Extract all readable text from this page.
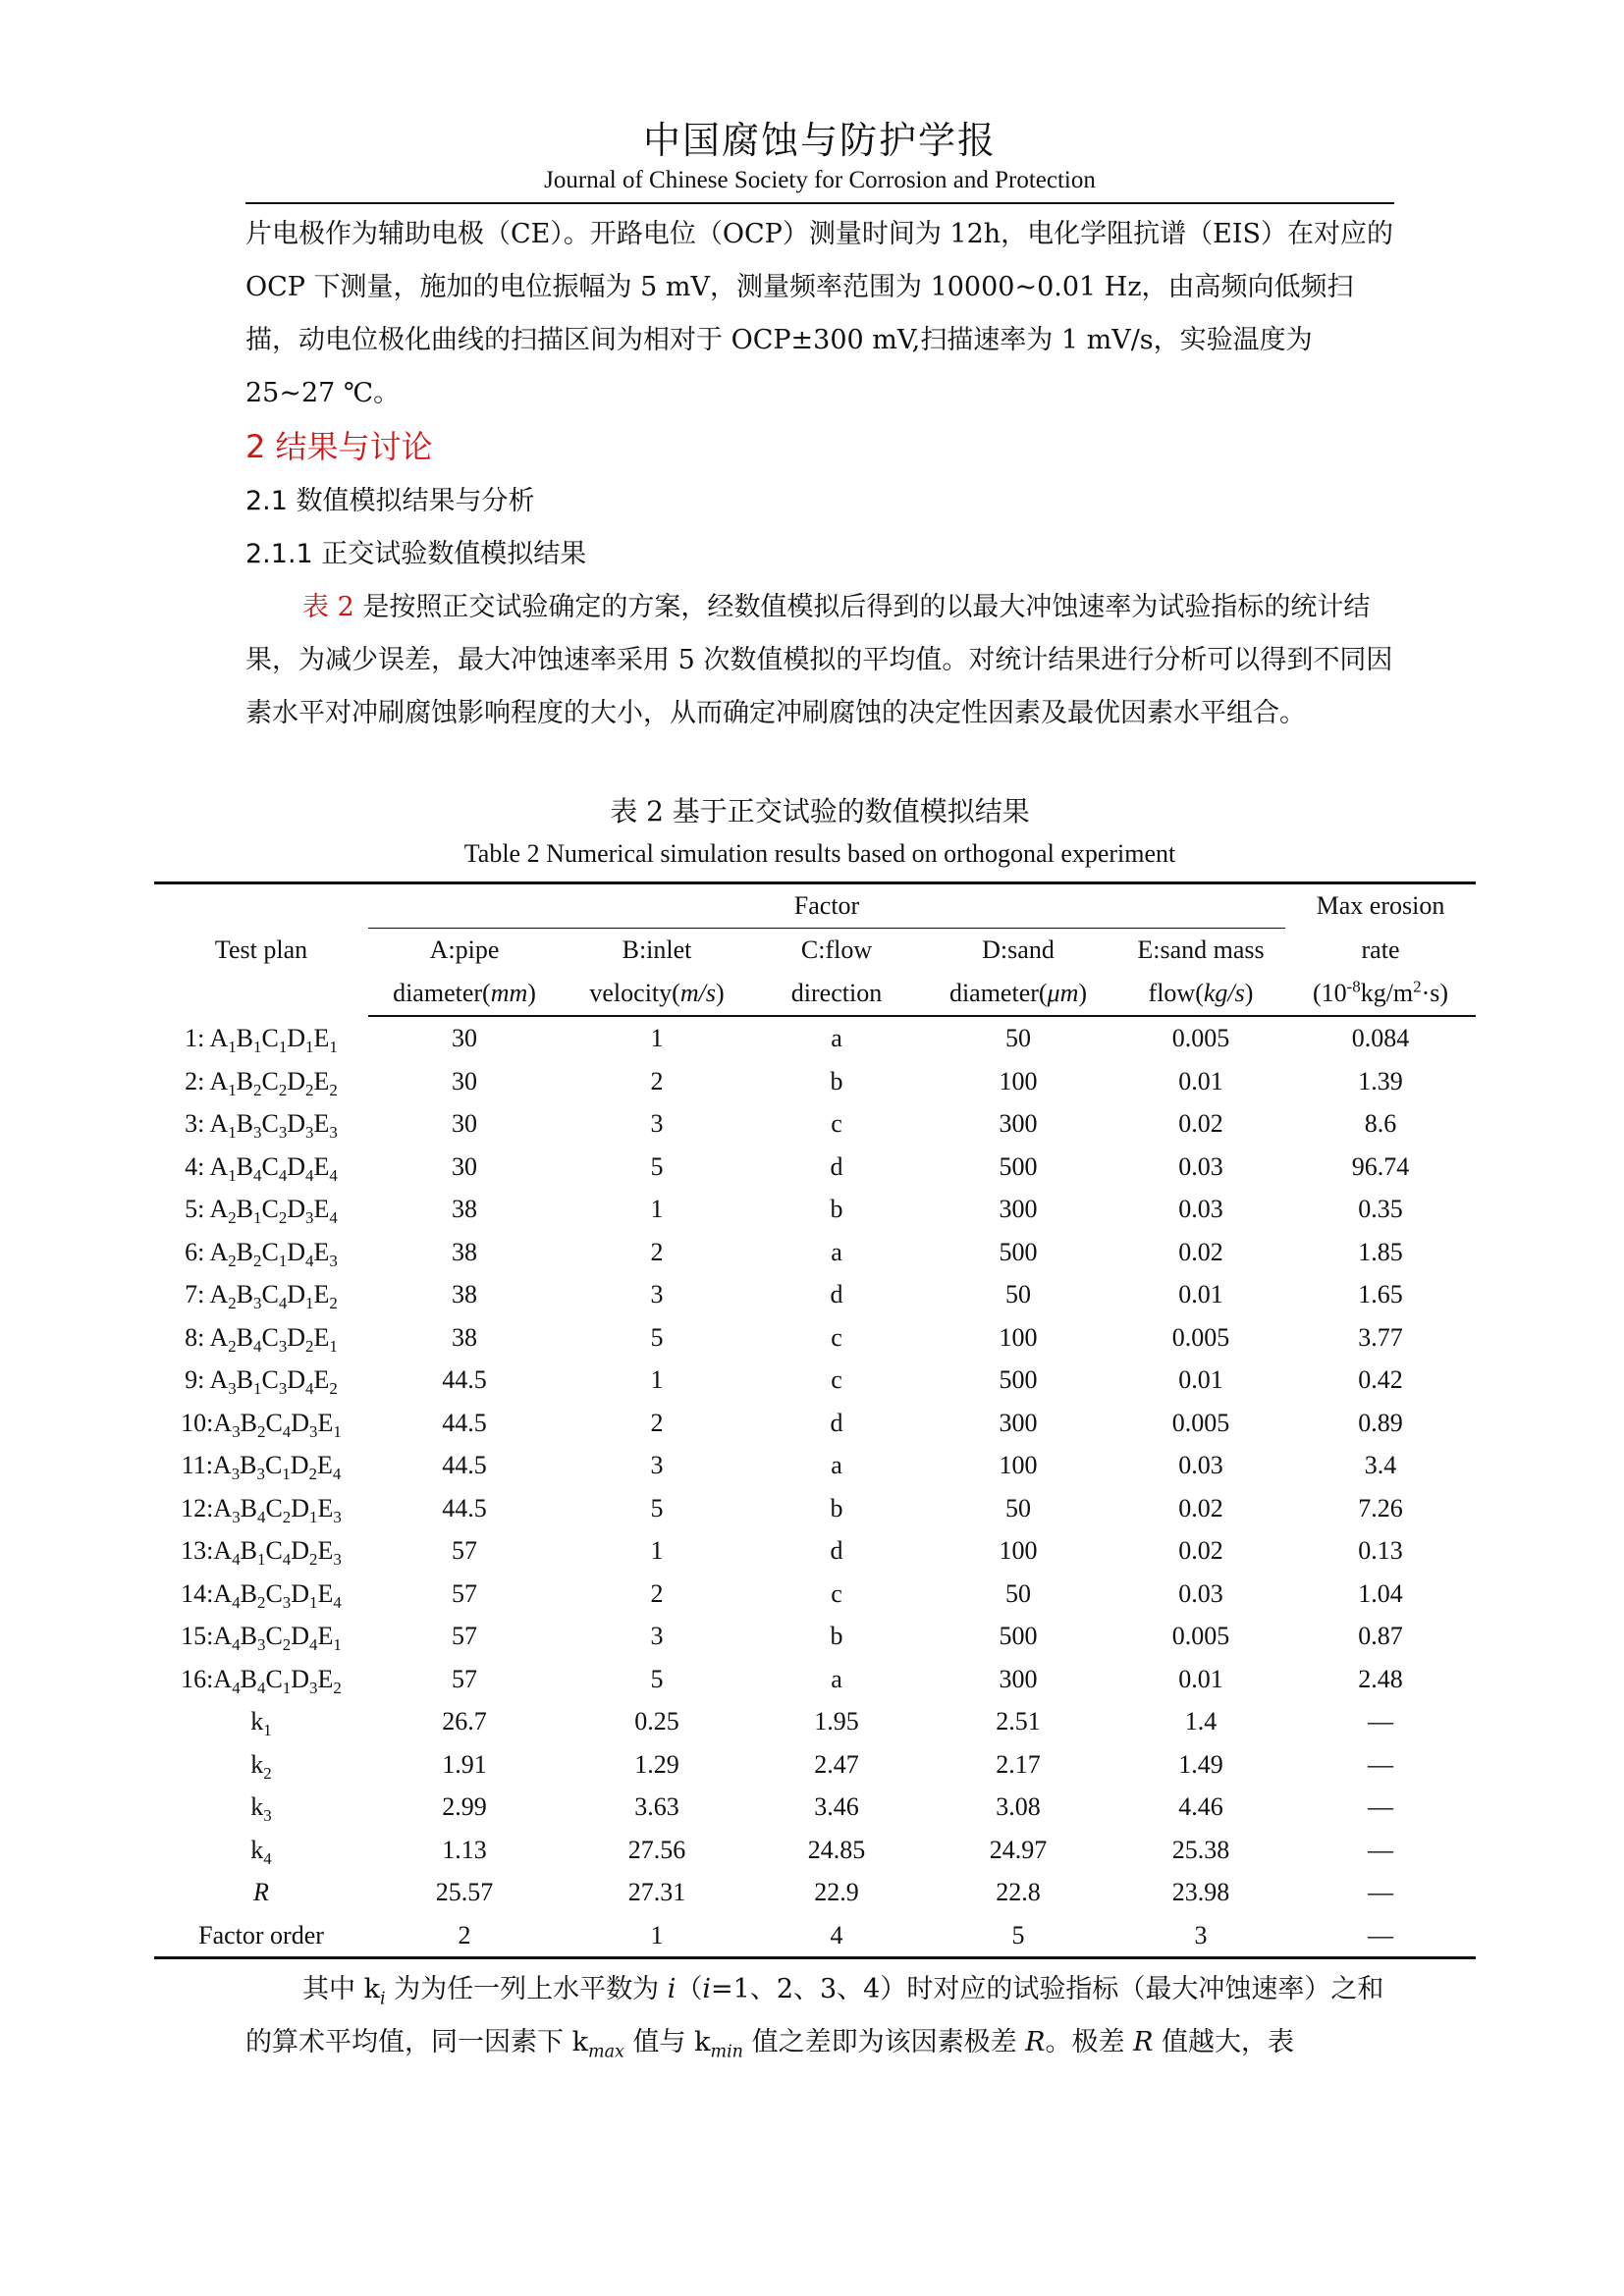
中国腐蚀与防护学报
Journal of Chinese Society for Corrosion and Protection
片电极作为辅助电极（CE）。开路电位（OCP）测量时间为 12h，电化学阻抗谱（EIS）在对应的 OCP 下测量，施加的电位振幅为 5 mV，测量频率范围为 10000~0.01 Hz，由高频向低频扫描，动电位极化曲线的扫描区间为相对于 OCP±300 mV,扫描速率为 1 mV/s，实验温度为 25~27 ℃。
2 结果与讨论
2.1 数值模拟结果与分析
2.1.1 正交试验数值模拟结果
表 2 是按照正交试验确定的方案，经数值模拟后得到的以最大冲蚀速率为试验指标的统计结果，为减少误差，最大冲蚀速率采用 5 次数值模拟的平均值。对统计结果进行分析可以得到不同因素水平对冲刷腐蚀影响程度的大小，从而确定冲刷腐蚀的决定性因素及最优因素水平组合。
表 2 基于正交试验的数值模拟结果
Table 2 Numerical simulation results based on orthogonal experiment
Test plan	Factor					Max erosion
	A:pipe	B:inlet	C:flow	D:sand	E:sand mass	rate
	diameter(mm)	velocity(m/s)	direction	diameter(μm)	flow(kg/s)	$(10^{-8}kg/m^2\cdot s)$
1: $A_1B_1C_1D_1E_1$	30	1	a	50	0.005	0.084
2: $A_1B_2C_2D_2E_2$	30	2	b	100	0.01	1.39
3: $A_1B_3C_3D_3E_3$	30	3	c	300	0.02	8.6
4: $A_1B_4C_4D_4E_4$	30	5	d	500	0.03	96.74
5: $A_2B_1C_2D_3E_4$	38	1	b	300	0.03	0.35
6: $A_2B_2C_1D_4E_3$	38	2	a	500	0.02	1.85
7: $A_2B_3C_4D_1E_2$	38	3	d	50	0.01	1.65
8: $A_2B_4C_3D_2E_1$	38	5	c	100	0.005	3.77
9: $A_3B_1C_3D_4E_2$	44.5	1	c	500	0.01	0.42
$10:A_3B_2C_4D_3E_1$	44.5	2	d	300	0.005	0.89
$11:A_3B_3C_1D_2E_4$	44.5	3	a	100	0.03	3.4
$12:A_3B_4C_2D_1E_3$	44.5	5	b	50	0.02	7.26
$13:A_4B_1C_4D_2E_3$	57	1	d	100	0.02	0.13
$14:A_4B_2C_3D_1E_4$	57	2	c	50	0.03	1.04
$15:A_4B_3C_2D_4E_1$	57	3	b	500	0.005	0.87
$16:A_4B_4C_1D_3E_2$	57	5	a	300	0.01	2.48
$k_1$	26.7	0.25	1.95	2.51	1.4	—
$k_2$	1.91	1.29	2.47	2.17	1.49	—
$k_3$	2.99	3.63	3.46	3.08	4.46	—
$k_4$	1.13	27.56	24.85	24.97	25.38	—
R	25.57	27.31	22.9	22.8	23.98	—
Factor order	2	1	4	5	3	—
其中 $k_i$ 为为任一列上水平数为 i（i=1、2、3、4）时对应的试验指标（最大冲蚀速率）之和的算术平均值，同一因素下 $k_{max}$ 值与 $k_{min}$ 值之差即为该因素极差 R。极差 R 值越大，表
